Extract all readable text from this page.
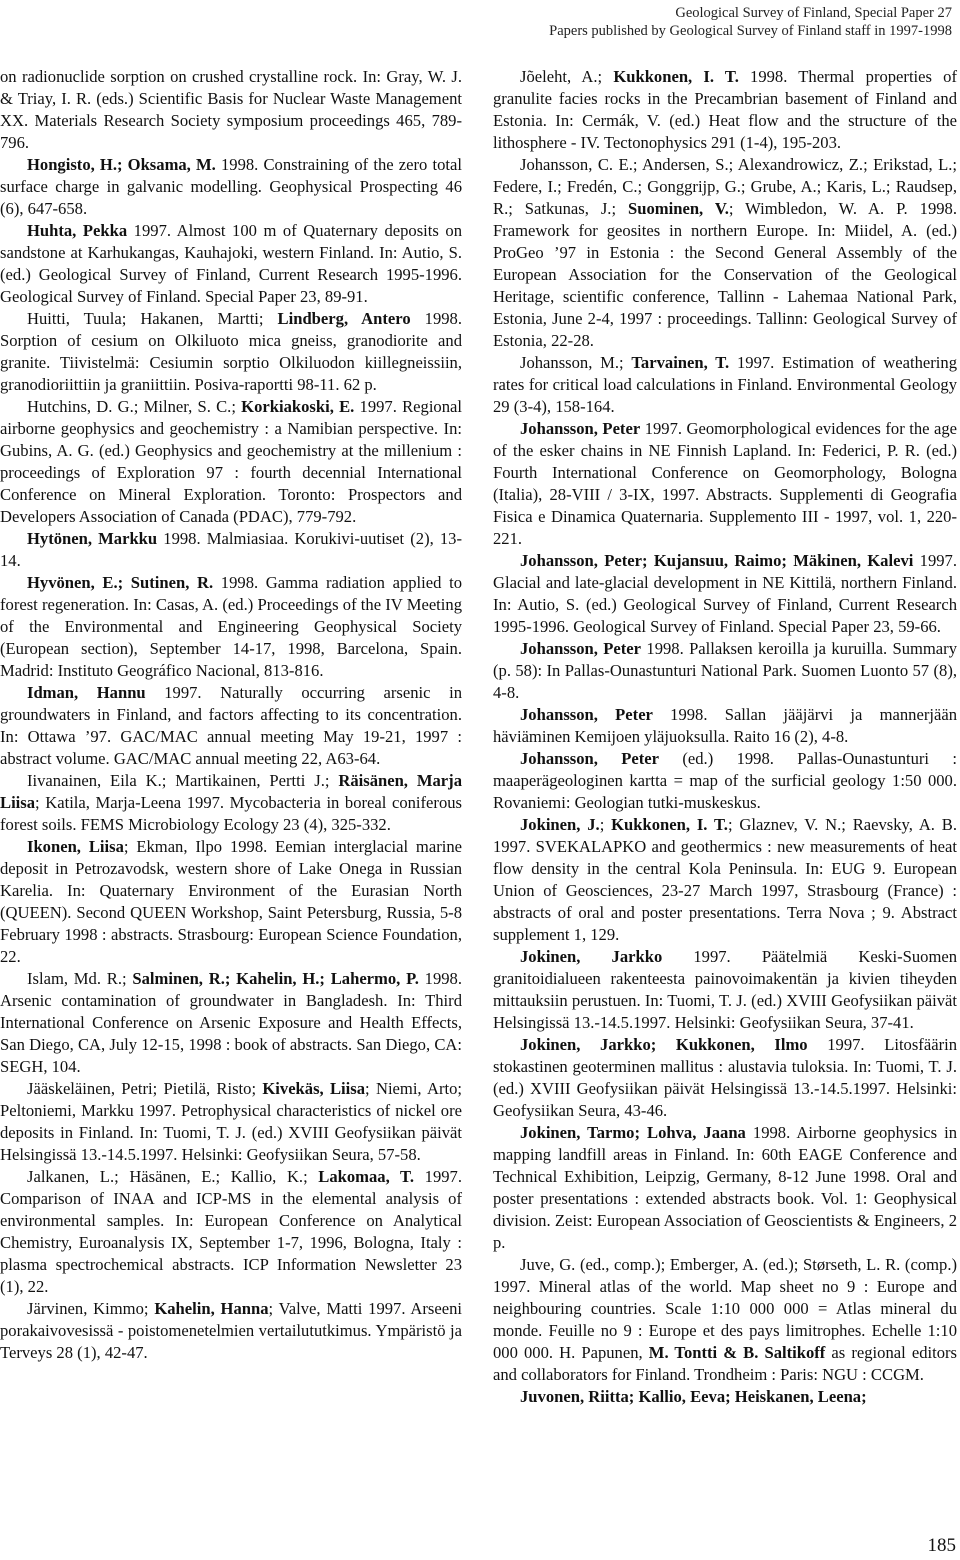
Geological Survey of Finland, Special Paper 27
Papers published by Geological Survey of Finland staff in 1997-1998

on radionuclide sorption on crushed crystalline rock. In: Gray, W. J. & Triay, I. R. (eds.) Scientific Basis for Nuclear Waste Management XX. Materials Research Society symposium proceedings 465, 789-796.

Hongisto, H.; Oksama, M. 1998. Constraining of the zero total surface charge in galvanic modelling. Geophysical Prospecting 46 (6), 647-658.

Huhta, Pekka 1997. Almost 100 m of Quaternary deposits on sandstone at Karhukangas, Kauhajoki, western Finland. In: Autio, S. (ed.) Geological Survey of Finland, Current Research 1995-1996. Geological Survey of Finland. Special Paper 23, 89-91.

Huitti, Tuula; Hakanen, Martti; Lindberg, Antero 1998. Sorption of cesium on Olkiluoto mica gneiss, granodiorite and granite. Tiivistelmä: Cesiumin sorptio Olkiluodon kiillegneissiin, granodioriittiin ja graniittiin. Posiva-raportti 98-11. 62 p.

Hutchins, D. G.; Milner, S. C.; Korkiakoski, E. 1997. Regional airborne geophysics and geochemistry : a Namibian perspective. In: Gubins, A. G. (ed.) Geophysics and geochemistry at the millenium : proceedings of Exploration 97 : fourth decennial International Conference on Mineral Exploration. Toronto: Prospectors and Developers Association of Canada (PDAC), 779-792.

Hytönen, Markku 1998. Malmiasiaa. Korukivi-uutiset (2), 13-14.

Hyvönen, E.; Sutinen, R. 1998. Gamma radiation applied to forest regeneration. In: Casas, A. (ed.) Proceedings of the IV Meeting of the Environmental and Engineering Geophysical Society (European section), September 14-17, 1998, Barcelona, Spain. Madrid: Instituto Geográfico Nacional, 813-816.

Idman, Hannu 1997. Naturally occurring arsenic in groundwaters in Finland, and factors affecting to its concentration. In: Ottawa ’97. GAC/MAC annual meeting May 19-21, 1997 : abstract volume. GAC/MAC annual meeting 22, A63-64.

Iivanainen, Eila K.; Martikainen, Pertti J.; Räisänen, Marja Liisa; Katila, Marja-Leena 1997. Mycobacteria in boreal coniferous forest soils. FEMS Microbiology Ecology 23 (4), 325-332.

Ikonen, Liisa; Ekman, Ilpo 1998. Eemian interglacial marine deposit in Petrozavodsk, western shore of Lake Onega in Russian Karelia. In: Quaternary Environment of the Eurasian North (QUEEN). Second QUEEN Workshop, Saint Petersburg, Russia, 5-8 February 1998 : abstracts. Strasbourg: European Science Foundation, 22.

Islam, Md. R.; Salminen, R.; Kahelin, H.; Lahermo, P. 1998. Arsenic contamination of groundwater in Bangladesh. In: Third International Conference on Arsenic Exposure and Health Effects, San Diego, CA, July 12-15, 1998 : book of abstracts. San Diego, CA: SEGH, 104.

Jääskeläinen, Petri; Pietilä, Risto; Kivekäs, Liisa; Niemi, Arto; Peltoniemi, Markku 1997. Petrophysical characteristics of nickel ore deposits in Finland. In: Tuomi, T. J. (ed.) XVIII Geofysiikan päivät Helsingissä 13.-14.5.1997. Helsinki: Geofysiikan Seura, 57-58.

Jalkanen, L.; Häsänen, E.; Kallio, K.; Lakomaa, T. 1997. Comparison of INAA and ICP-MS in the elemental analysis of environmental samples. In: European Conference on Analytical Chemistry, Euroanalysis IX, September 1-7, 1996, Bologna, Italy : plasma spectrochemical abstracts. ICP Information Newsletter 23 (1), 22.

Järvinen, Kimmo; Kahelin, Hanna; Valve, Matti 1997. Arseeni porakaivovesissä - poistomenetelmien vertailututkimus. Ympäristö ja Terveys 28 (1), 42-47.

Jõeleht, A.; Kukkonen, I. T. 1998. Thermal properties of granulite facies rocks in the Precambrian basement of Finland and Estonia. In: Cermák, V. (ed.) Heat flow and the structure of the lithosphere - IV. Tectonophysics 291 (1-4), 195-203.

Johansson, C. E.; Andersen, S.; Alexandrowicz, Z.; Erikstad, L.; Federe, I.; Fredén, C.; Gonggrijp, G.; Grube, A.; Karis, L.; Raudsep, R.; Satkunas, J.; Suominen, V.; Wimbledon, W. A. P. 1998. Framework for geosites in northern Europe. In: Miidel, A. (ed.) ProGeo ’97 in Estonia : the Second General Assembly of the European Association for the Conservation of the Geological Heritage, scientific conference, Tallinn - Lahemaa National Park, Estonia, June 2-4, 1997 : proceedings. Tallinn: Geological Survey of Estonia, 22-28.

Johansson, M.; Tarvainen, T. 1997. Estimation of weathering rates for critical load calculations in Finland. Environmental Geology 29 (3-4), 158-164.

Johansson, Peter 1997. Geomorphological evidences for the age of the esker chains in NE Finnish Lapland. In: Federici, P. R. (ed.) Fourth International Conference on Geomorphology, Bologna (Italia), 28-VIII / 3-IX, 1997. Abstracts. Supplementi di Geografia Fisica e Dinamica Quaternaria. Supplemento III - 1997, vol. 1, 220-221.

Johansson, Peter; Kujansuu, Raimo; Mäkinen, Kalevi 1997. Glacial and late-glacial development in NE Kittilä, northern Finland. In: Autio, S. (ed.) Geological Survey of Finland, Current Research 1995-1996. Geological Survey of Finland. Special Paper 23, 59-66.

Johansson, Peter 1998. Pallaksen keroilla ja kuruilla. Summary (p. 58): In Pallas-Ounastunturi National Park. Suomen Luonto 57 (8), 4-8.

Johansson, Peter 1998. Sallan jääjärvi ja mannerjään häviäminen Kemijoen yläjuoksulla. Raito 16 (2), 4-8.

Johansson, Peter (ed.) 1998. Pallas-Ounastunturi : maaperägeologinen kartta = map of the surficial geology 1:50 000. Rovaniemi: Geologian tutki-muskeskus.

Jokinen, J.; Kukkonen, I. T.; Glaznev, V. N.; Raevsky, A. B. 1997. SVEKALAPKO and geothermics : new measurements of heat flow density in the central Kola Peninsula. In: EUG 9. European Union of Geosciences, 23-27 March 1997, Strasbourg (France) : abstracts of oral and poster presentations. Terra Nova ; 9. Abstract supplement 1, 129.

Jokinen, Jarkko 1997. Päätelmiä Keski-Suomen granitoidialueen rakenteesta painovoimakentän ja kivien tiheyden mittauksiin perustuen. In: Tuomi, T. J. (ed.) XVIII Geofysiikan päivät Helsingissä 13.-14.5.1997. Helsinki: Geofysiikan Seura, 37-41.

Jokinen, Jarkko; Kukkonen, Ilmo 1997. Litosfäärin stokastinen geoterminen mallitus : alustavia tuloksia. In: Tuomi, T. J. (ed.) XVIII Geofysiikan päivät Helsingissä 13.-14.5.1997. Helsinki: Geofysiikan Seura, 43-46.

Jokinen, Tarmo; Lohva, Jaana 1998. Airborne geophysics in mapping landfill areas in Finland. In: 60th EAGE Conference and Technical Exhibition, Leipzig, Germany, 8-12 June 1998. Oral and poster presentations : extended abstracts book. Vol. 1: Geophysical division. Zeist: European Association of Geoscientists & Engineers, 2 p.

Juve, G. (ed., comp.); Emberger, A. (ed.); Størseth, L. R. (comp.) 1997. Mineral atlas of the world. Map sheet no 9 : Europe and neighbouring countries. Scale 1:10 000 000 = Atlas mineral du monde. Feuille no 9 : Europe et des pays limitrophes. Echelle 1:10 000 000. H. Papunen, M. Tontti & B. Saltikoff as regional editors and collaborators for Finland. Trondheim : Paris: NGU : CCGM.

Juvonen, Riitta; Kallio, Eeva; Heiskanen, Leena;

185
